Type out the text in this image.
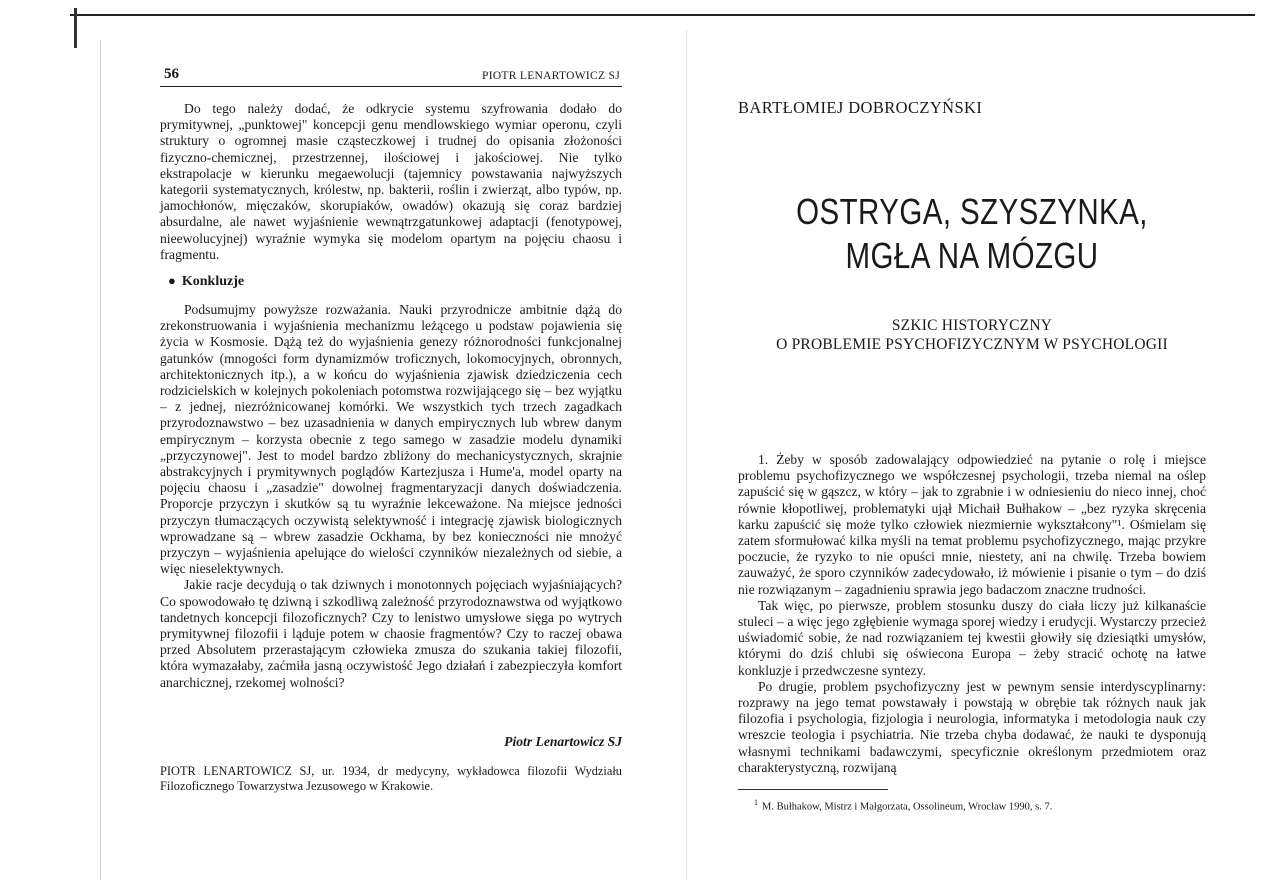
56	PIOTR LENARTOWICZ SJ

Do tego należy dodać, że odkrycie systemu szyfrowania dodało do prymitywnej, „punktowej" koncepcji genu mendlowskiego wymiar operonu, czyli struktury o ogromnej masie cząsteczkowej i trudnej do opisania złożoności fizyczno-chemicznej, przestrzennej, ilościowej i jakościowej. Nie tylko ekstrapolacje w kierunku megaewolucji (tajemnicy powstawania najwyższych kategorii systematycznych, królestw, np. bakterii, roślin i zwierząt, albo typów, np. jamochłonów, mięczaków, skorupiaków, owadów) okazują się coraz bardziej absurdalne, ale nawet wyjaśnienie wewnątrzgatunkowej adaptacji (fenotypowej, nieewolucyjnej) wyraźnie wymyka się modelom opartym na pojęciu chaosu i fragmentu.

● Konkluzje

Podsumujmy powyższe rozważania. Nauki przyrodnicze ambitnie dążą do zrekonstruowania i wyjaśnienia mechanizmu leżącego u podstaw pojawienia się życia w Kosmosie. Dążą też do wyjaśnienia genezy różnorodności funkcjonalnej gatunków (mnogości form dynamizmów troficznych, lokomocyjnych, obronnych, architektonicznych itp.), a w końcu do wyjaśnienia zjawisk dziedziczenia cech rodzicielskich w kolejnych pokoleniach potomstwa rozwijającego się – bez wyjątku – z jednej, niezróżnicowanej komórki. We wszystkich tych trzech zagadkach przyrodoznawstwo – bez uzasadnienia w danych empirycznych lub wbrew danym empirycznym – korzysta obecnie z tego samego w zasadzie modelu dynamiki „przyczynowej". Jest to model bardzo zbliżony do mechanicystycznych, skrajnie abstrakcyjnych i prymitywnych poglądów Kartezjusza i Hume'a, model oparty na pojęciu chaosu i „zasadzie" dowolnej fragmentaryzacji danych doświadczenia. Proporcje przyczyn i skutków są tu wyraźnie lekceważone. Na miejsce jedności przyczyn tłumaczących oczywistą selektywność i integrację zjawisk biologicznych wprowadzane są – wbrew zasadzie Ockhama, by bez konieczności nie mnożyć przyczyn – wyjaśnienia apelujące do wielości czynników niezależnych od siebie, a więc nieselektywnych.

Jakie racje decydują o tak dziwnych i monotonnych pojęciach wyjaśniających? Co spowodowało tę dziwną i szkodliwą zależność przyrodoznawstwa od wyjątkowo tandetnych koncepcji filozoficznych? Czy to lenistwo umysłowe sięga po wytrych prymitywnej filozofii i ląduje potem w chaosie fragmentów? Czy to raczej obawa przed Absolutem przerastającym człowieka zmusza do szukania takiej filozofii, która wymazałaby, zaćmiła jasną oczywistość Jego działań i zabezpieczyła komfort anarchicznej, rzekomej wolności?

Piotr Lenartowicz SJ
PIOTR LENARTOWICZ SJ, ur. 1934, dr medycyny, wykładowca filozofii Wydziału Filozoficznego Towarzystwa Jezusowego w Krakowie.
BARTŁOMIEJ DOBROCZYŃSKI
OSTRYGA, SZYSZYNKA,
MGŁA NA MÓZGU
SZKIC HISTORYCZNY
O PROBLEMIE PSYCHOFIZYCZNYM W PSYCHOLOGII

1. Żeby w sposób zadowalający odpowiedzieć na pytanie o rolę i miejsce problemu psychofizycznego we współczesnej psychologii, trzeba niemal na oślep zapuścić się w gąszcz, w który – jak to zgrabnie i w odniesieniu do nieco innej, choć równie kłopotliwej, problematyki ujął Michaił Bułhakow – „bez ryzyka skręcenia karku zapuścić się może tylko człowiek niezmiernie wykształcony"¹. Ośmielam się zatem sformułować kilka myśli na temat problemu psychofizycznego, mając przykre poczucie, że ryzyko to nie opuści mnie, niestety, ani na chwilę. Trzeba bowiem zauważyć, że sporo czynników zadecydowało, iż mówienie i pisanie o tym – do dziś nie rozwiązanym – zagadnieniu sprawia jego badaczom znaczne trudności.

Tak więc, po pierwsze, problem stosunku duszy do ciała liczy już kilkanaście stuleci – a więc jego zgłębienie wymaga sporej wiedzy i erudycji. Wystarczy przecież uświadomić sobie, że nad rozwiązaniem tej kwestii głowiły się dziesiątki umysłów, którymi do dziś chlubi się oświecona Europa – żeby stracić ochotę na łatwe konkluzje i przedwczesne syntezy.

Po drugie, problem psychofizyczny jest w pewnym sensie interdyscyplinarny: rozprawy na jego temat powstawały i powstają w obrębie tak różnych nauk jak filozofia i psychologia, fizjologia i neurologia, informatyka i metodologia nauk czy wreszcie teologia i psychiatria. Nie trzeba chyba dodawać, że nauki te dysponują własnymi technikami badawczymi, specyficznie określonym przedmiotem oraz charakterystyczną, rozwijaną

$^1$ M. Bułhakow, Mistrz i Małgorzata, Ossolineum, Wrocław 1990, s. 7.
